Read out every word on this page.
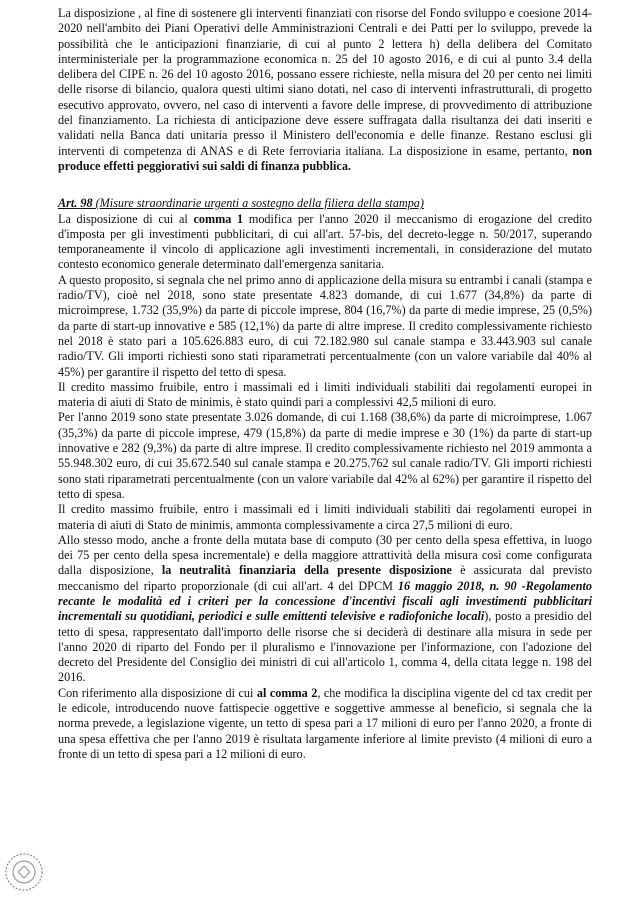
La disposizione , al fine di sostenere gli interventi finanziati con risorse del Fondo sviluppo e coesione 2014-2020 nell'ambito dei Piani Operativi delle Amministrazioni Centrali e dei Patti per lo sviluppo, prevede la possibilità che le anticipazioni finanziarie, di cui al punto 2 lettera h) della delibera del Comitato interministeriale per la programmazione economica n. 25 del 10 agosto 2016, e di cui al punto 3.4 della delibera del CIPE n. 26 del 10 agosto 2016, possano essere richieste, nella misura del 20 per cento nei limiti delle risorse di bilancio, qualora questi ultimi siano dotati, nel caso di interventi infrastrutturali, di progetto esecutivo approvato, ovvero, nel caso di interventi a favore delle imprese, di provvedimento di attribuzione del finanziamento. La richiesta di anticipazione deve essere suffragata dalla risultanza dei dati inseriti e validati nella Banca dati unitaria presso il Ministero dell'economia e delle finanze. Restano esclusi gli interventi di competenza di ANAS e di Rete ferroviaria italiana. La disposizione in esame, pertanto, non produce effetti peggiorativi sui saldi di finanza pubblica.

Art. 98 (Misure straordinarie urgenti a sostegno della filiera della stampa)

La disposizione di cui al comma 1 modifica per l'anno 2020 il meccanismo di erogazione del credito d'imposta per gli investimenti pubblicitari, di cui all'art. 57-bis, del decreto-legge n. 50/2017, superando temporaneamente il vincolo di applicazione agli investimenti incrementali, in considerazione del mutato contesto economico generale determinato dall'emergenza sanitaria.

A questo proposito, si segnala che nel primo anno di applicazione della misura su entrambi i canali (stampa e radio/TV), cioè nel 2018, sono state presentate 4.823 domande, di cui 1.677 (34,8%) da parte di microimprese, 1.732 (35,9%) da parte di piccole imprese, 804 (16,7%) da parte di medie imprese, 25 (0,5%) da parte di start-up innovative e 585 (12,1%) da parte di altre imprese. Il credito complessivamente richiesto nel 2018 è stato pari a 105.626.883 euro, di cui 72.182.980 sul canale stampa e 33.443.903 sul canale radio/TV. Gli importi richiesti sono stati riparametrati percentualmente (con un valore variabile dal 40% al 45%) per garantire il rispetto del tetto di spesa.

Il credito massimo fruibile, entro i massimali ed i limiti individuali stabiliti dai regolamenti europei in materia di aiuti di Stato de minimis, è stato quindi pari a complessivi 42,5 milioni di euro.

Per l'anno 2019 sono state presentate 3.026 domande, di cui 1.168 (38,6%) da parte di microimprese, 1.067 (35,3%) da parte di piccole imprese, 479 (15,8%) da parte di medie imprese e 30 (1%) da parte di start-up innovative e 282 (9,3%) da parte di altre imprese. Il credito complessivamente richiesto nel 2019 ammonta a 55.948.302 euro, di cui 35.672.540 sul canale stampa e 20.275.762 sul canale radio/TV. Gli importi richiesti sono stati riparametrati percentualmente (con un valore variabile dal 42% al 62%) per garantire il rispetto del tetto di spesa.

Il credito massimo fruibile, entro i massimali ed i limiti individuali stabiliti dai regolamenti europei in materia di aiuti di Stato de minimis, ammonta complessivamente a circa 27,5 milioni di euro.

Allo stesso modo, anche a fronte della mutata base di computo (30 per cento della spesa effettiva, in luogo dei 75 per cento della spesa incrementale) e della maggiore attrattività della misura così come configurata dalla disposizione, la neutralità finanziaria della presente disposizione è assicurata dal previsto meccanismo del riparto proporzionale (di cui all'art. 4 del DPCM 16 maggio 2018, n. 90 -Regolamento recante le modalità ed i criteri per la concessione d'incentivi fiscali agli investimenti pubblicitari incrementali su quotidiani, periodici e sulle emittenti televisive e radiofoniche locali), posto a presidio del tetto di spesa, rappresentato dall'importo delle risorse che si deciderà di destinare alla misura in sede per l'anno 2020 di riparto del Fondo per il pluralismo e l'innovazione per l'informazione, con l'adozione del decreto del Presidente del Consiglio dei ministri di cui all'articolo 1, comma 4, della citata legge n. 198 del 2016.

Con riferimento alla disposizione di cui al comma 2, che modifica la disciplina vigente del cd tax credit per le edicole, introducendo nuove fattispecie oggettive e soggettive ammesse al beneficio, si segnala che la norma prevede, a legislazione vigente, un tetto di spesa pari a 17 milioni di euro per l'anno 2020, a fronte di una spesa effettiva che per l'anno 2019 è risultata largamente inferiore al limite previsto (4 milioni di euro a fronte di un tetto di spesa pari a 12 milioni di euro.
